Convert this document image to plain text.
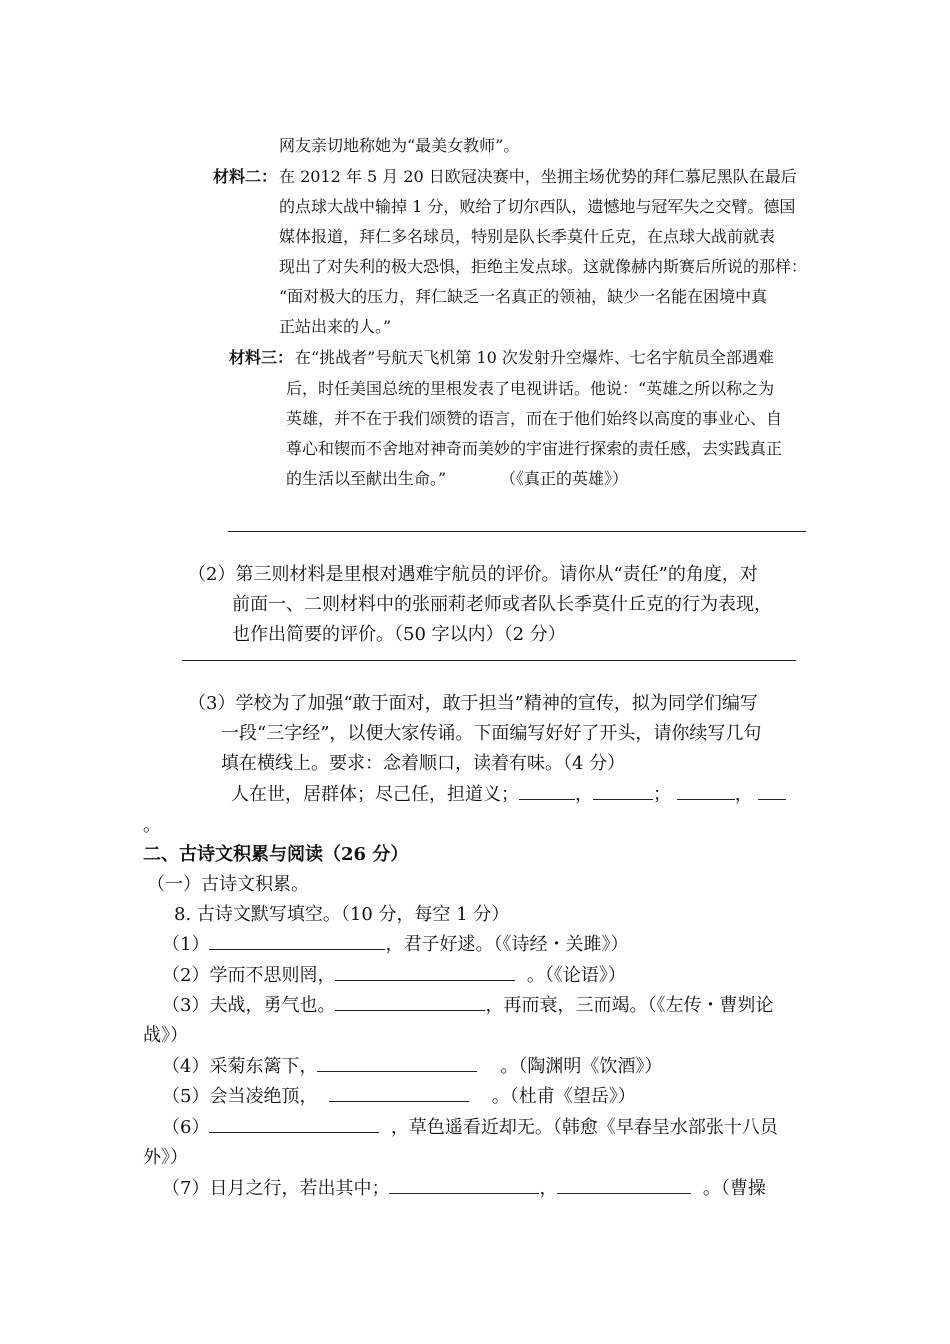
网友亲切地称她为“最美女教师”。
材料二： 在 2012 年 5 月 20 日欧冠决赛中，坐拥主场优势的拜仁慕尼黑队在最后
的点球大战中输掉 1 分，败给了切尔西队，遗憾地与冠军失之交臂。德国
媒体报道，拜仁多名球员，特别是队长季莫什丘克，在点球大战前就表
现出了对失利的极大恐惧，拒绝主发点球。这就像赫内斯赛后所说的那样：
“面对极大的压力，拜仁缺乏一名真正的领袖，缺少一名能在困境中真
正站出来的人。”
材料三： 在“挑战者”号航天飞机第 10 次发射升空爆炸、七名宇航员全部遇难
后，时任美国总统的里根发表了电视讲话。他说：“英雄之所以称之为
英雄，并不在于我们颂赞的语言，而在于他们始终以高度的事业心、自
尊心和锲而不舍地对神奇而美妙的宇宙进行探索的责任感，去实践真正
的生活以至献出生命。”	（《真正的英雄》）
（2）第三则材料是里根对遇难宇航员的评价。请你从“责任”的角度，对
前面一、二则材料中的张丽莉老师或者队长季莫什丘克的行为表现，
也作出简要的评价。（50 字以内）（2 分）
（3）学校为了加强“敢于面对，敢于担当”精神的宣传，拟为同学们编写
一段“三字经”，以便大家传诵。下面编写好好了开头，请你续写几句
填在横线上。要求：念着顺口，读着有味。（4 分）
人在世，居群体；尽己任，担道义；	，	；	，
。
二、古诗文积累与阅读（26 分）
（一）古诗文积累。
8. 古诗文默写填空。（10 分，每空 1 分）
（1）	，君子好逑。（《诗经・关雎》）
（2）学而不思则罔，	。（《论语》）
（3）夫战，勇气也。	，再而衰，三而竭。（《左传・曹刿论
战》）
（4）采菊东篱下，	。（陶渊明《饮酒》）
（5）会当凌绝顶，	。（杜甫《望岳》）
（6）	，草色遥看近却无。（韩愈《早春呈水部张十八员
外》）
（7）日月之行，若出其中；	，	。（曹操
